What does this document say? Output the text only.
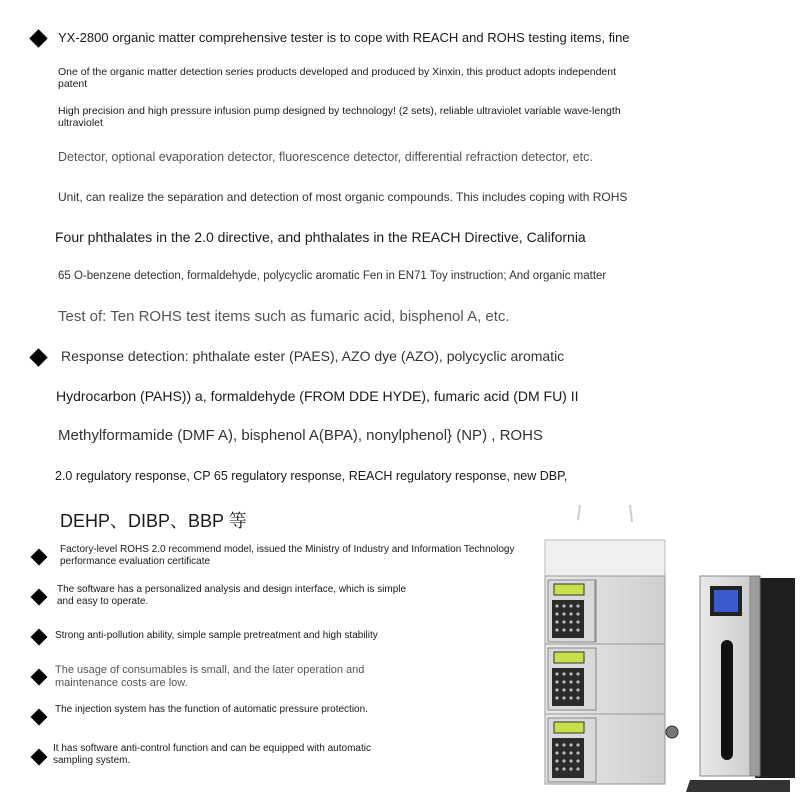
YX-2800 organic matter comprehensive tester is to cope with REACH and ROHS testing items, fine
One of the organic matter detection series products developed and produced by Xinxin, this product adopts independent patent
High precision and high pressure infusion pump designed by technology! (2 sets), reliable ultraviolet variable wave-length ultraviolet
Detector, optional evaporation detector, fluorescence detector, differential refraction detector, etc.
Unit, can realize the separation and detection of most organic compounds. This includes coping with ROHS
Four phthalates in the 2.0 directive, and phthalates in the REACH Directive, California
65 O-benzene detection, formaldehyde, polycyclic aromatic Fen in EN71 Toy instruction; And organic matter
Test of: Ten ROHS test items such as fumaric acid, bisphenol A, etc.
Response detection: phthalate ester (PAES), AZO dye (AZO), polycyclic aromatic
Hydrocarbon (PAHS)) a, formaldehyde (FROM DDE HYDE), fumaric acid (DM FU) II
Methylformamide (DMF A), bisphenol A(BPA), nonylphenol} (NP) , ROHS
2.0 regulatory response, CP 65 regulatory response, REACH regulatory response, new DBP,
DEHP、DIBP、BBP 等
Factory-level ROHS 2.0 recommend model, issued the Ministry of Industry and Information Technology performance evaluation certificate
The software has a personalized analysis and design interface, which is simple and easy to operate.
Strong anti-pollution ability, simple sample pretreatment and high stability
The usage of consumables is small, and the later operation and maintenance costs are low.
The injection system has the function of automatic pressure protection.
It has software anti-control function and can be equipped with automatic sampling system.
